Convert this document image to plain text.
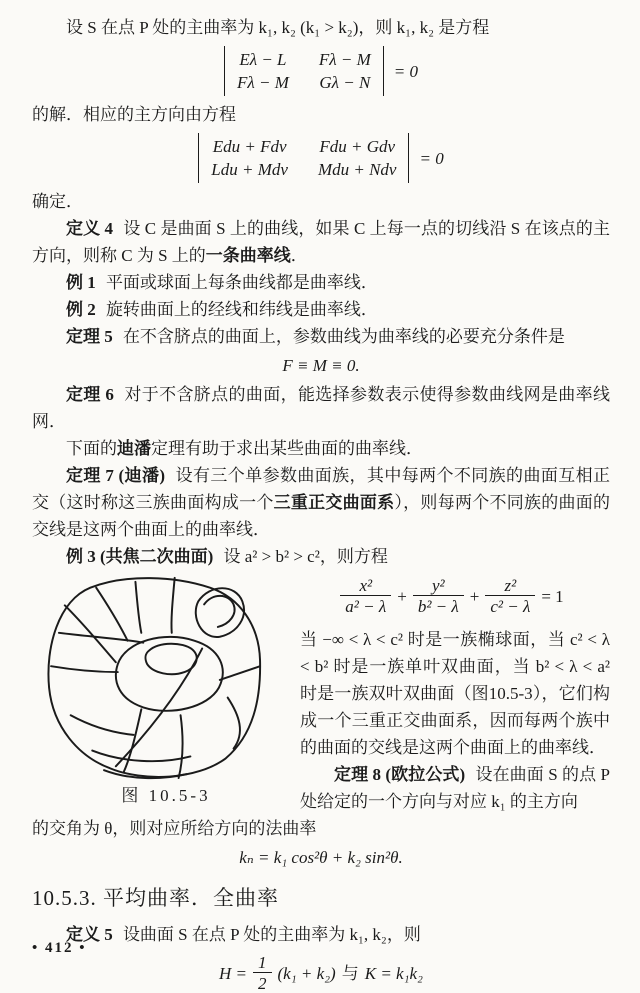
设 S 在点 P 处的主曲率为 k₁, k₂ (k₁ > k₂)，则 k₁, k₂ 是方程

Eλ − L Fλ − M
Fλ − M Gλ − N
= 0

的解．相应的主方向由方程

Edu + Fdv Fdu + Gdv
Ldu + Mdv Mdu + Ndv
= 0

确定．

定义 4 设 C 是曲面 S 上的曲线，如果 C 上每一点的切线沿 S 在该点的主方向，则称 C 为 S 上的一条曲率线．

例 1 平面或球面上每条曲线都是曲率线．

例 2 旋转曲面上的经线和纬线是曲率线．

定理 5 在不含脐点的曲面上，参数曲线为曲率线的必要充分条件是

F ≡ M ≡ 0.

定理 6 对于不含脐点的曲面，能选择参数表示使得参数曲线网是曲率线网．

下面的迪潘定理有助于求出某些曲面的曲率线．

定理 7 (迪潘) 设有三个单参数曲面族，其中每两个不同族的曲面互相正交（这时称这三族曲面构成一个三重正交曲面系），则每两个不同族的曲面的交线是这两个曲面上的曲率线．

例 3 (共焦二次曲面) 设 a² > b² > c²，则方程

图 10.5-3
$\frac{\text{x²}}{\text{a² − λ}} + \frac{\text{y²}}{\text{b² − λ}} + \frac{\text{z²}}{\text{c² − λ}} = 1$

当 −∞ < λ < c² 时是一族椭球面，当 c² < λ < b² 时是一族单叶双曲面，当 b² < λ < a² 时是一族双叶双曲面（图10.5-3），它们构成一个三重正交曲面系，因而每两个族中的曲面的交线是这两个曲面上的曲率线．

定理 8 (欧拉公式) 设在曲面 S 的点 P 处给定的一个方向与对应 k₁ 的主方向

的交角为 θ，则对应所给方向的法曲率

kₙ = k₁ cos²θ + k₂ sin²θ.
10.5.3. 平均曲率．全曲率

定义 5 设曲面 S 在点 P 处的主曲率为 k₁, k₂，则

$H = \frac{1}{2} (k_1 + k_2)$ 与 K = k₁k₂
• 412 •
